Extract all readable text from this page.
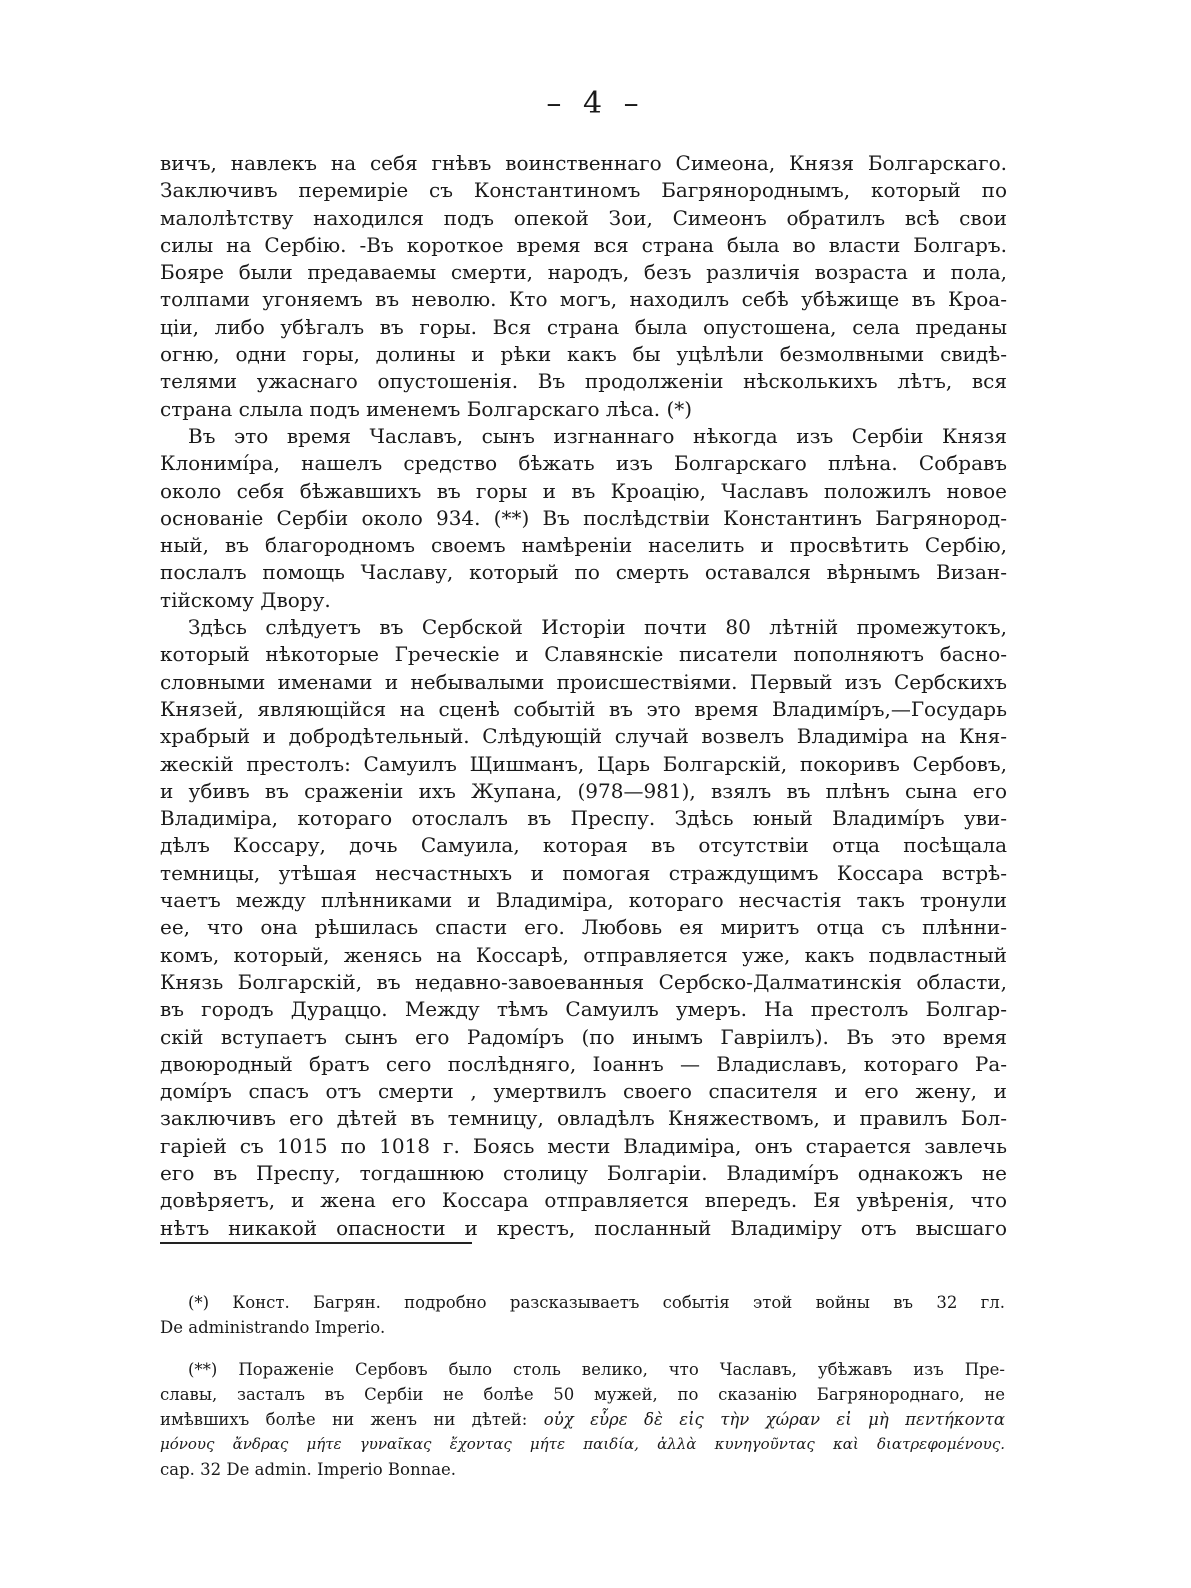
– 4 –
вичъ, навлекъ на себя гнѣвъ воинственнаго Симеона, Князя Болгарскаго.
Заключивъ перемиріе съ Константиномъ Багрянороднымъ, который по
малолѣтству находился подъ опекой Зои, Симеонъ обратилъ всѣ свои
силы на Сербію. -Въ короткое время вся страна была во власти Болгаръ.
Бояре были предаваемы смерти, народъ, безъ различія возраста и пола,
толпами угоняемъ въ неволю. Кто могъ, находилъ себѣ убѣжище въ Кроа-
ціи, либо убѣгалъ въ горы. Вся страна была опустошена, села преданы
огню, одни горы, долины и рѣки какъ бы уцѣлѣли безмолвными свидѣ-
телями ужаснаго опустошенія. Въ продолженіи нѣсколькихъ лѣтъ, вся
страна слыла подъ именемъ Болгарскаго лѣса. (*)
Въ это время Чаславъ, сынъ изгнаннаго нѣкогда изъ Сербіи Князя
Клонимíра, нашелъ средство бѣжать изъ Болгарскаго плѣна. Собравъ
около себя бѣжавшихъ въ горы и въ Кроацію, Чаславъ положилъ новое
основаніе Сербіи около 934. (**) Въ послѣдствіи Константинъ Багрянород-
ный, въ благородномъ своемъ намѣреніи населить и просвѣтить Сербію,
послалъ помощь Чаславу, который по смерть оставался вѣрнымъ Визан-
тійскому Двору.
Здѣсь слѣдуетъ въ Сербской Исторіи почти 80 лѣтній промежутокъ,
который нѣкоторые Греческіе и Славянскіе писатели пополняютъ басно-
словными именами и небывалыми происшествіями. Первый изъ Сербскихъ
Князей, являющійся на сценѣ событій въ это время Владимíръ,—Государь
храбрый и добродѣтельный. Слѣдующій случай возвелъ Владиміра на Кня-
жескій престолъ: Самуилъ Щишманъ, Царь Болгарскій, покоривъ Сербовъ,
и убивъ въ сраженіи ихъ Жупана, (978—981), взялъ въ плѣнъ сына его
Владиміра, котораго отослалъ въ Преспу. Здѣсь юный Владимíръ уви-
дѣлъ Коссару, дочь Самуила, которая въ отсутствіи отца посѣщала
темницы, утѣшая несчастныхъ и помогая страждущимъ Коссара встрѣ-
чаетъ между плѣнниками и Владиміра, котораго несчастія такъ тронули
ее, что она рѣшилась спасти его. Любовь ея миритъ отца съ плѣнни-
комъ, который, женясь на Коссарѣ, отправляется уже, какъ подвластный
Князь Болгарскій, въ недавно-завоеванныя Сербско-Далматинскія области,
въ городъ Дураццо. Между тѣмъ Самуилъ умеръ. На престолъ Болгар-
скій вступаетъ сынъ его Радомíръ (по инымъ Гавріилъ). Въ это время
двоюродный братъ сего послѣдняго, Іоаннъ — Владиславъ, котораго Ра-
домíръ спасъ отъ смерти , умертвилъ своего спасителя и его жену, и
заключивъ его дѣтей въ темницу, овладѣлъ Княжествомъ, и правилъ Бол-
гаріей съ 1015 по 1018 г. Боясь мести Владиміра, онъ старается завлечь
его въ Преспу, тогдашнюю столицу Болгаріи. Владимíръ однакожъ не
довѣряетъ, и жена его Коссара отправляется впередъ. Ея увѣренія, что
нѣтъ никакой опасности и крестъ, посланный Владиміру отъ высшаго
(*) Конст. Багрян. подробно разсказываетъ событія этой войны въ 32 гл.
De administrando Imperio.
(**) Пораженіе Сербовъ было столь велико, что Чаславъ, убѣжавъ изъ Пре-
славы, засталъ въ Сербіи не болѣе 50 мужей, по сказанію Багрянороднаго, не
имѣвшихъ болѣе ни женъ ни дѣтей: οὐχ εὗρε δὲ εἰς τὴν χώραν εἰ μὴ πεντήκοντα
μόνους ἄνδρας μήτε γυναῖκας ἔχοντας μήτε παιδία, ἀλλὰ κυνηγοῦντας καὶ διατρεφομένους.
cap. 32 De admin. Imperio Bonnae.
